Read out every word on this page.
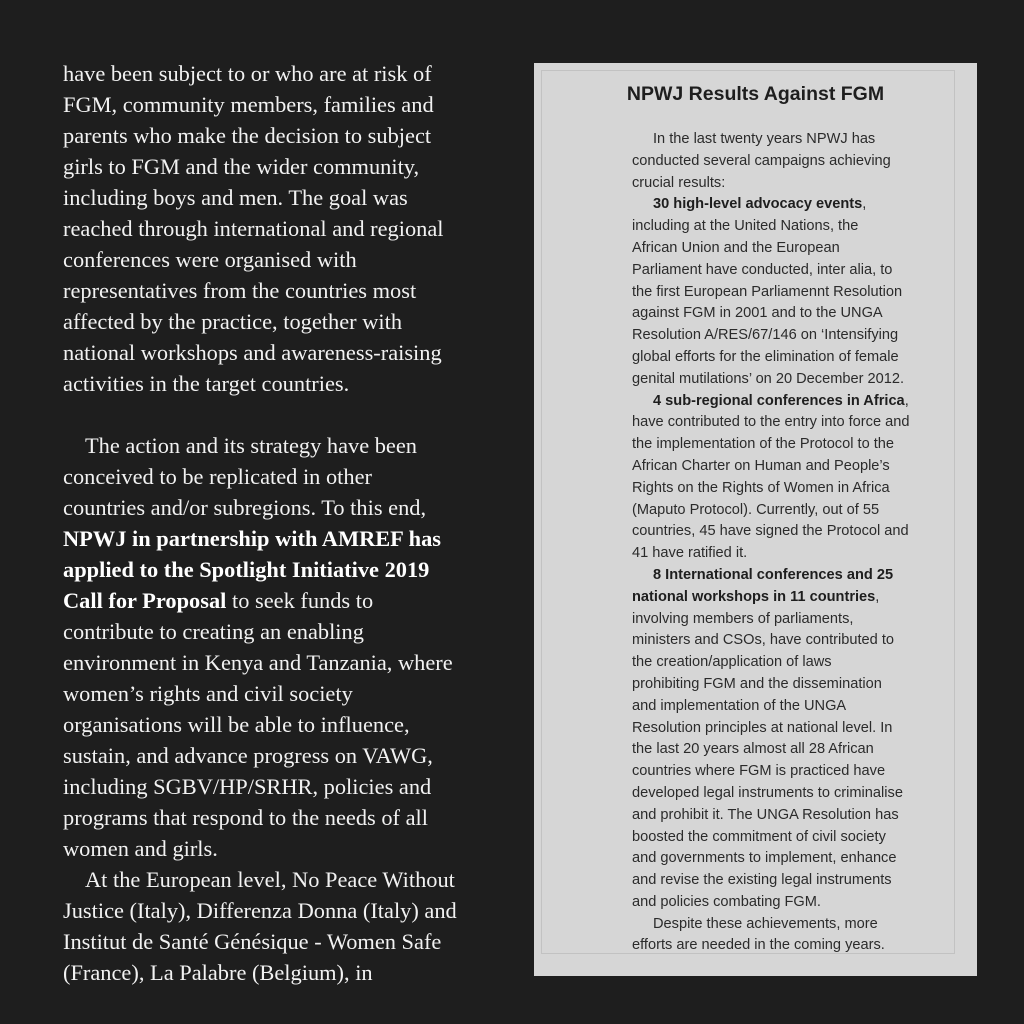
have been subject to or who are at risk of
FGM, community members, families and
parents who make the decision to subject
girls to FGM and the wider community,
including boys and men. The goal was
reached through international and regional
conferences were organised with
representatives from the countries most
affected by the practice, together with
national workshops and awareness-raising
activities in the target countries.

The action and its strategy have been
conceived to be replicated in other
countries and/or subregions. To this end,
NPWJ in partnership with AMREF has
applied to the Spotlight Initiative 2019
Call for Proposal to seek funds to
contribute to creating an enabling
environment in Kenya and Tanzania, where
women’s rights and civil society
organisations will be able to influence,
sustain, and advance progress on VAWG,
including SGBV/HP/SRHR, policies and
programs that respond to the needs of all
women and girls.

At the European level, No Peace Without
Justice (Italy), Differenza Donna (Italy) and
Institut de Santé Génésique - Women Safe
(France), La Palabre (Belgium), in

NPWJ Results Against FGM
In the last twenty years NPWJ has
conducted several campaigns achieving
crucial results:
30 high-level advocacy events,
including at the United Nations, the
African Union and the European
Parliament have conducted, inter alia, to
the first European Parliamennt Resolution
against FGM in 2001 and to the UNGA
Resolution A/RES/67/146 on ‘Intensifying
global efforts for the elimination of female
genital mutilations’ on 20 December 2012.
4 sub-regional conferences in Africa,
have contributed to the entry into force and
the implementation of the Protocol to the
African Charter on Human and People’s
Rights on the Rights of Women in Africa
(Maputo Protocol). Currently, out of 55
countries, 45 have signed the Protocol and
41 have ratified it.
8 International conferences and 25
national workshops in 11 countries,
involving members of parliaments,
ministers and CSOs, have contributed to
the creation/application of laws
prohibiting FGM and the dissemination
and implementation of the UNGA
Resolution principles at national level. In
the last 20 years almost all 28 African
countries where FGM is practiced have
developed legal instruments to criminalise
and prohibit it. The UNGA Resolution has
boosted the commitment of civil society
and governments to implement, enhance
and revise the existing legal instruments
and policies combating FGM.
Despite these achievements, more
efforts are needed in the coming years.
